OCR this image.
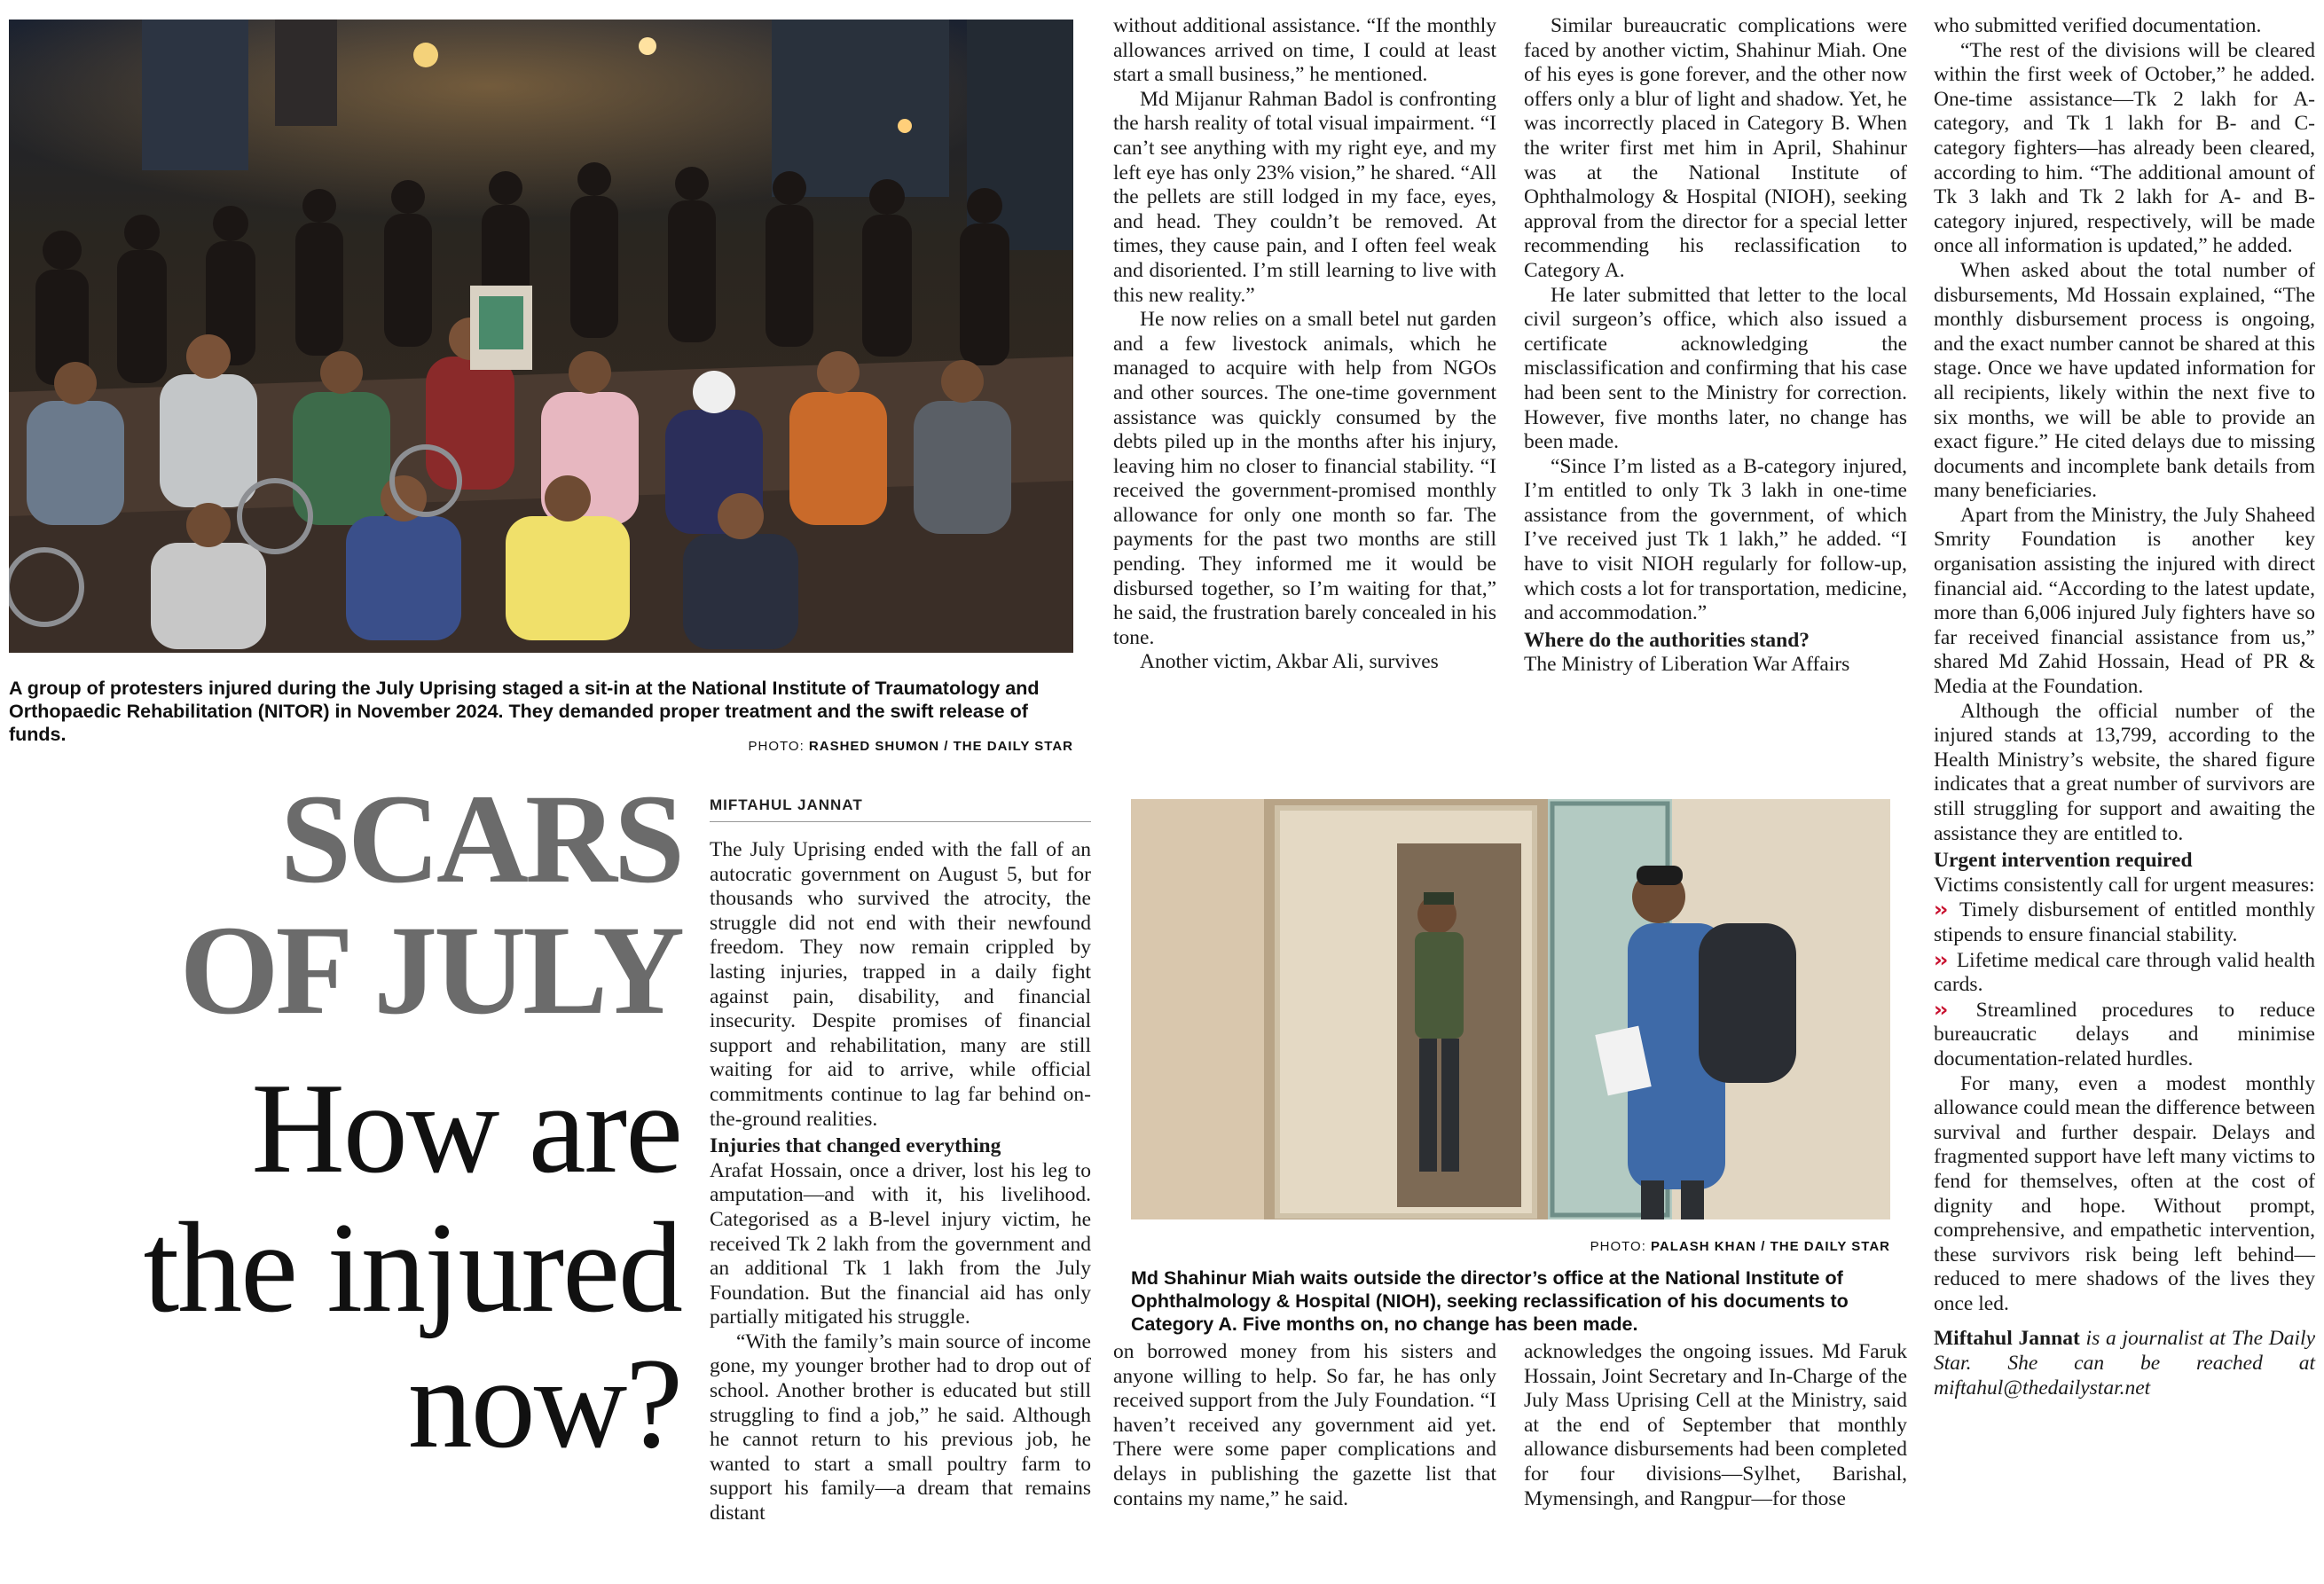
A group of protesters injured during the July Uprising staged a sit-in at the National Institute of Traumatology and Orthopaedic Rehabilitation (NITOR) in November 2024. They demanded proper treatment and the swift release of funds.
PHOTO: RASHED SHUMON / THE DAILY STAR
SCARS
OF JULY
How are
the injured
now?
MIFTAHUL JANNAT

The July Uprising ended with the fall of an autocratic government on August 5, but for thousands who survived the atrocity, the struggle did not end with their newfound freedom. They now remain crippled by lasting injuries, trapped in a daily fight against pain, disability, and financial insecurity. Despite promises of financial support and rehabilitation, many are still waiting for aid to arrive, while official commitments continue to lag far behind on-the-ground realities.

Injuries that changed everything

Arafat Hossain, once a driver, lost his leg to amputation—and with it, his livelihood. Categorised as a B-level injury victim, he received Tk 2 lakh from the government and an additional Tk 1 lakh from the July Foundation. But the financial aid has only partially mitigated his struggle.

“With the family’s main source of income gone, my younger brother had to drop out of school. Another brother is educated but still struggling to find a job,” he said. Although he cannot return to his previous job, he wanted to start a small poultry farm to support his family—a dream that remains distant

without additional assistance. “If the monthly allowances arrived on time, I could at least start a small business,” he mentioned.

Md Mijanur Rahman Badol is confronting the harsh reality of total visual impairment. “I can’t see anything with my right eye, and my left eye has only 23% vision,” he shared. “All the pellets are still lodged in my face, eyes, and head. They couldn’t be removed. At times, they cause pain, and I often feel weak and disoriented. I’m still learning to live with this new reality.”

He now relies on a small betel nut garden and a few livestock animals, which he managed to acquire with help from NGOs and other sources. The one-time government assistance was quickly consumed by the debts piled up in the months after his injury, leaving him no closer to financial stability. “I received the government-promised monthly allowance for only one month so far. The payments for the past two months are still pending. They informed me it would be disbursed together, so I’m waiting for that,” he said, the frustration barely concealed in his tone.

Another victim, Akbar Ali, survives

Similar bureaucratic complications were faced by another victim, Shahinur Miah. One of his eyes is gone forever, and the other now offers only a blur of light and shadow. Yet, he was incorrectly placed in Category B. When the writer first met him in April, Shahinur was at the National Institute of Ophthalmology & Hospital (NIOH), seeking approval from the director for a special letter recommending his reclassification to Category A.

He later submitted that letter to the local civil surgeon’s office, which also issued a certificate acknowledging the misclassification and confirming that his case had been sent to the Ministry for correction. However, five months later, no change has been made.

“Since I’m listed as a B-category injured, I’m entitled to only Tk 3 lakh in one-time assistance from the government, of which I’ve received just Tk 1 lakh,” he added. “I have to visit NIOH regularly for follow-up, which costs a lot for transportation, medicine, and accommodation.”

Where do the authorities stand?

The Ministry of Liberation War Affairs

PHOTO: PALASH KHAN / THE DAILY STAR
Md Shahinur Miah waits outside the director’s office at the National Institute of Ophthalmology & Hospital (NIOH), seeking reclassification of his documents to Category A. Five months on, no change has been made.

on borrowed money from his sisters and anyone willing to help. So far, he has only received support from the July Foundation. “I haven’t received any government aid yet. There were some paper complications and delays in publishing the gazette list that contains my name,” he said.

acknowledges the ongoing issues. Md Faruk Hossain, Joint Secretary and In-Charge of the July Mass Uprising Cell at the Ministry, said at the end of September that monthly allowance disbursements had been completed for four divisions—Sylhet, Barishal, Mymensingh, and Rangpur—for those

who submitted verified documentation.

“The rest of the divisions will be cleared within the first week of October,” he added. One-time assistance—Tk 2 lakh for A-category, and Tk 1 lakh for B- and C-category fighters—has already been cleared, according to him. “The additional amount of Tk 3 lakh and Tk 2 lakh for A- and B-category injured, respectively, will be made once all information is updated,” he added.

When asked about the total number of disbursements, Md Hossain explained, “The monthly disbursement process is ongoing, and the exact number cannot be shared at this stage. Once we have updated information for all recipients, likely within the next five to six months, we will be able to provide an exact figure.” He cited delays due to missing documents and incomplete bank details from many beneficiaries.

Apart from the Ministry, the July Shaheed Smrity Foundation is another key organisation assisting the injured with direct financial aid. “According to the latest update, more than 6,006 injured July fighters have so far received financial assistance from us,” shared Md Zahid Hossain, Head of PR & Media at the Foundation.

Although the official number of the injured stands at 13,799, according to the Health Ministry’s website, the shared figure indicates that a great number of survivors are still struggling for support and awaiting the assistance they are entitled to.

Urgent intervention required

Victims consistently call for urgent measures:

›› Timely disbursement of entitled monthly stipends to ensure financial stability.
›› Lifetime medical care through valid health cards.
›› Streamlined procedures to reduce bureaucratic delays and minimise documentation-related hurdles.

For many, even a modest monthly allowance could mean the difference between survival and further despair. Delays and fragmented support have left many victims to fend for themselves, often at the cost of dignity and hope. Without prompt, comprehensive, and empathetic intervention, these survivors risk being left behind—reduced to mere shadows of the lives they once led.

Miftahul Jannat is a journalist at The Daily Star. She can be reached at miftahul@thedailystar.net
